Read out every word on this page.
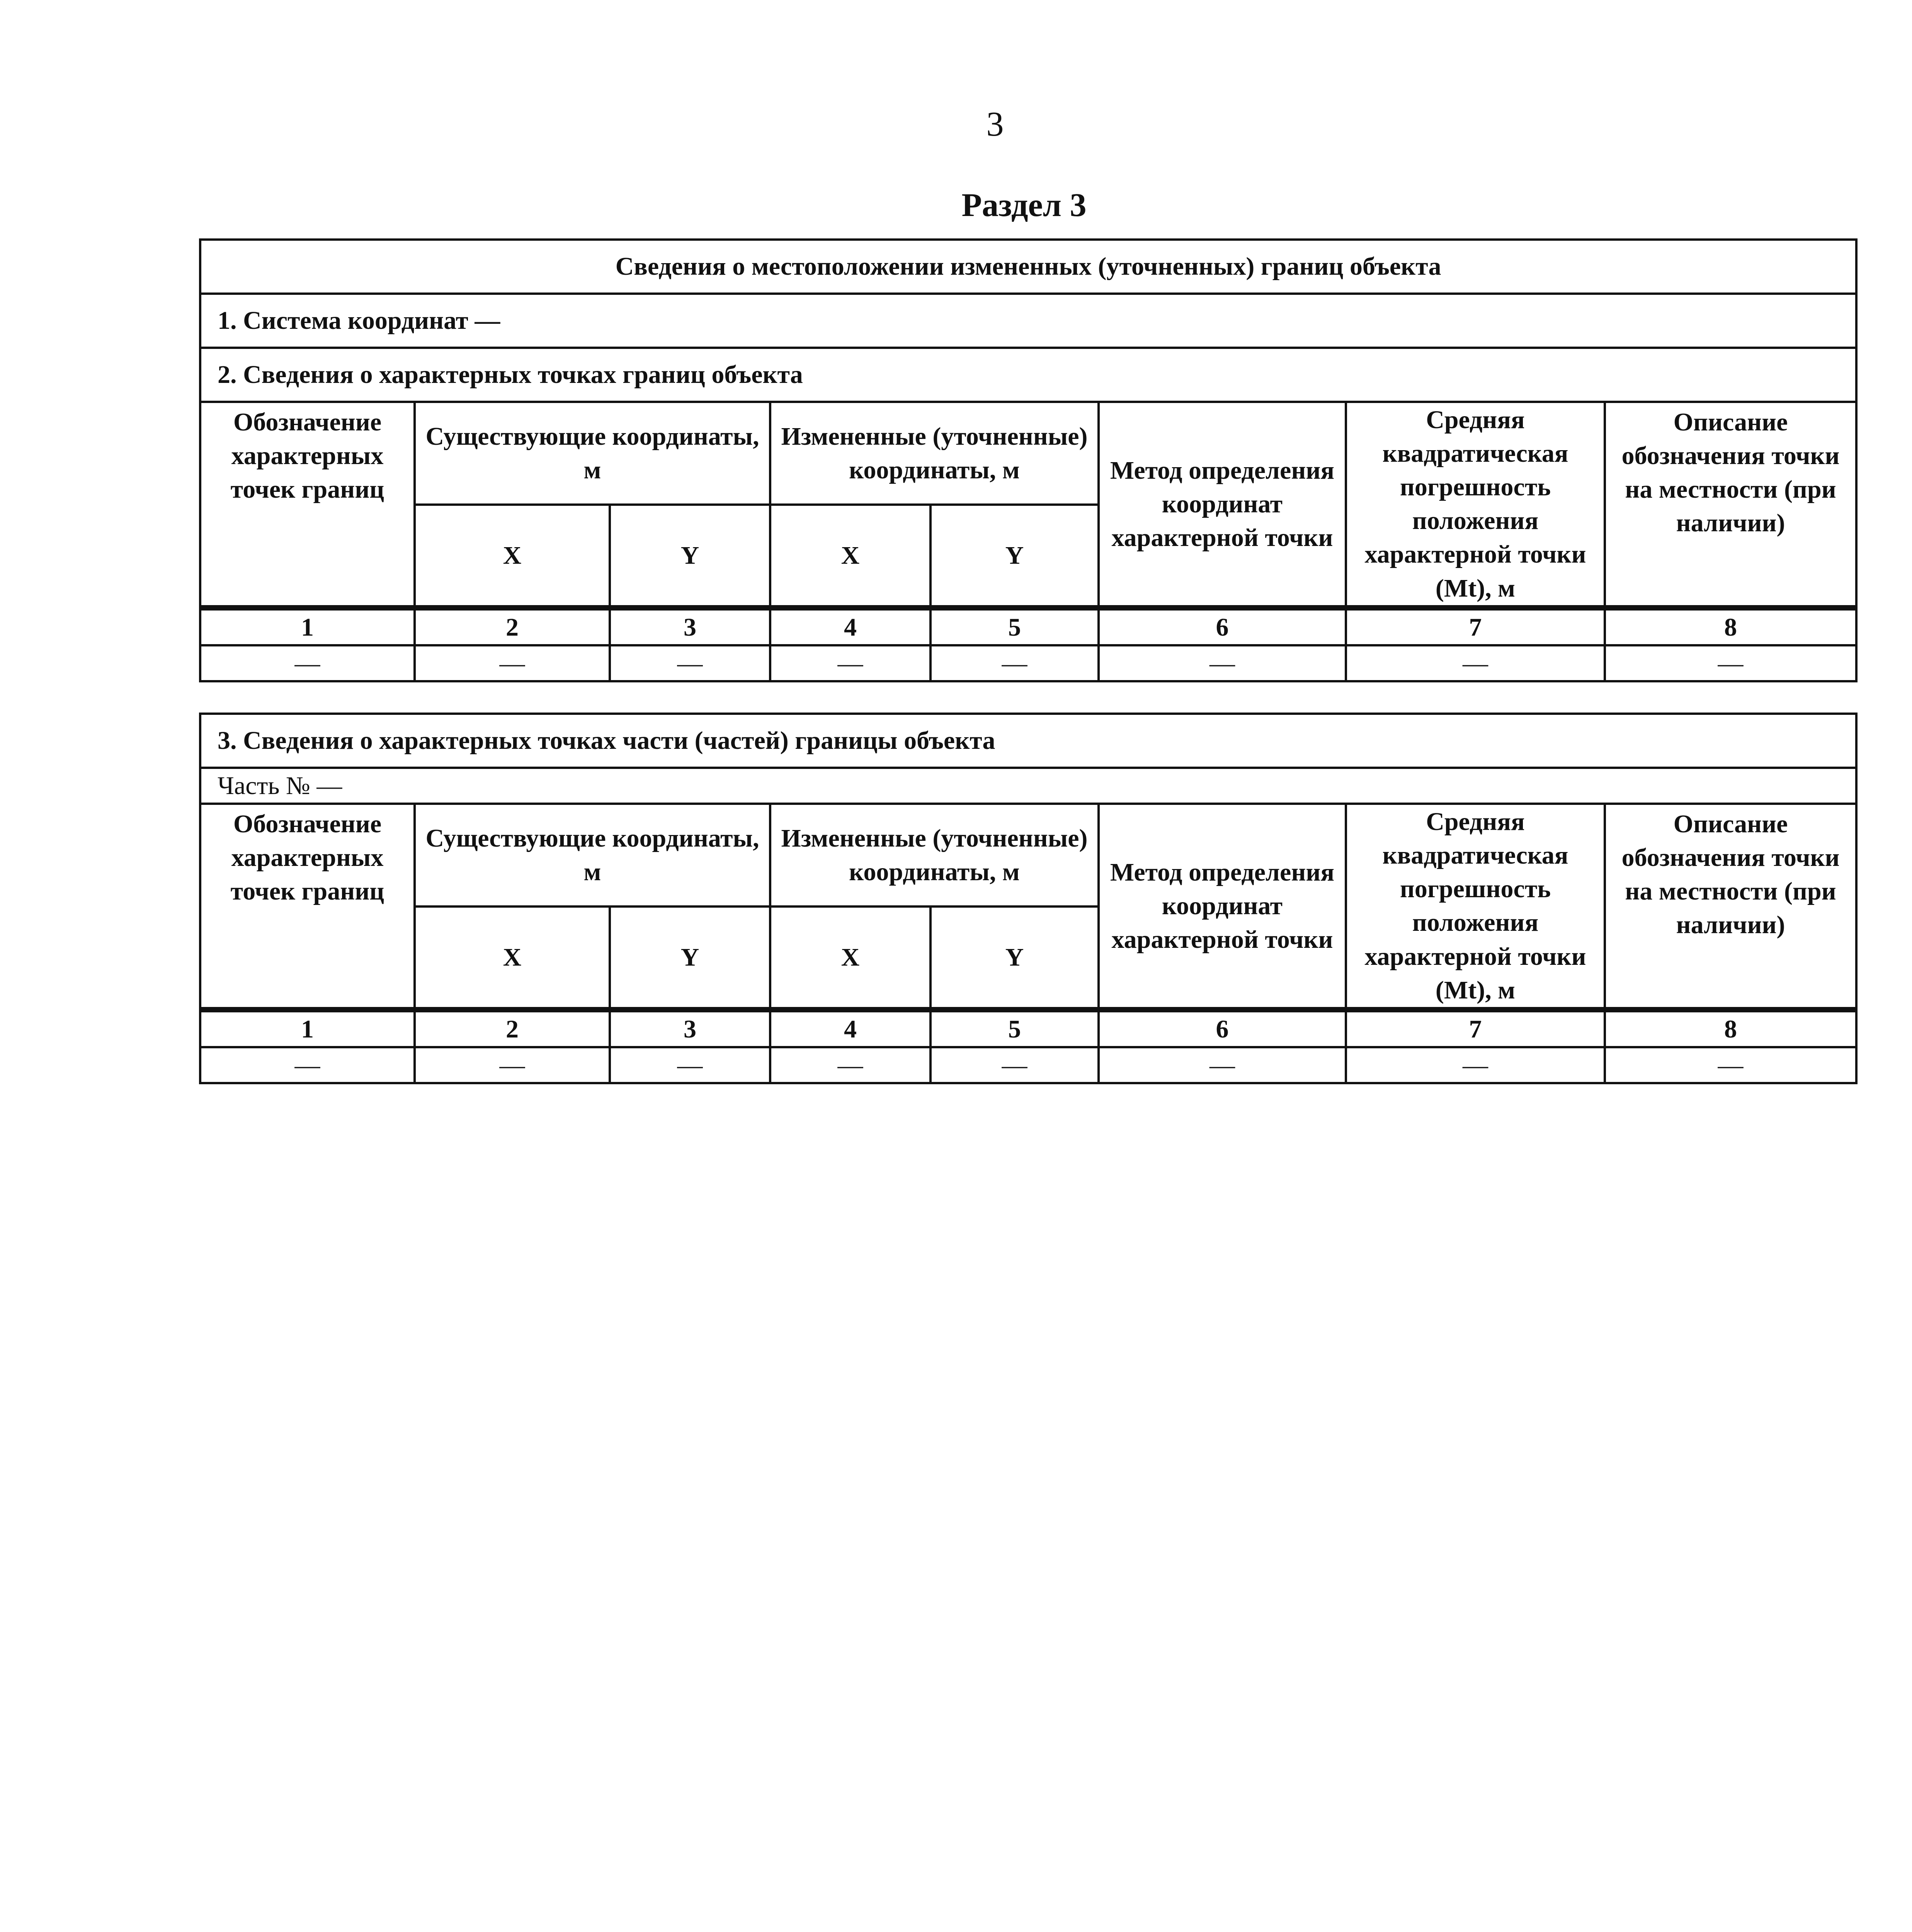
3
Раздел 3
Сведения о местоположении измененных (уточненных) границ объекта							
1. Система координат —							
2. Сведения о характерных точках границ объекта							
Обозначение характерных точек границ	Существующие координаты, м		Измененные (уточненные) координаты, м		Метод определения координат характерной точки	Средняя квадратическая погрешность положения характерной точки (Mt), м	Описание обозначения точки на местности (при наличии)
	X	Y	X	Y			
1	2	3	4	5	6	7	8
—	—	—	—	—	—	—	—
3. Сведения о характерных точках части (частей) границы объекта							
Часть № —							
Обозначение характерных точек границ	Существующие координаты, м		Измененные (уточненные) координаты, м		Метод определения координат характерной точки	Средняя квадратическая погрешность положения характерной точки (Mt), м	Описание обозначения точки на местности (при наличии)
	X	Y	X	Y			
1	2	3	4	5	6	7	8
—	—	—	—	—	—	—	—
